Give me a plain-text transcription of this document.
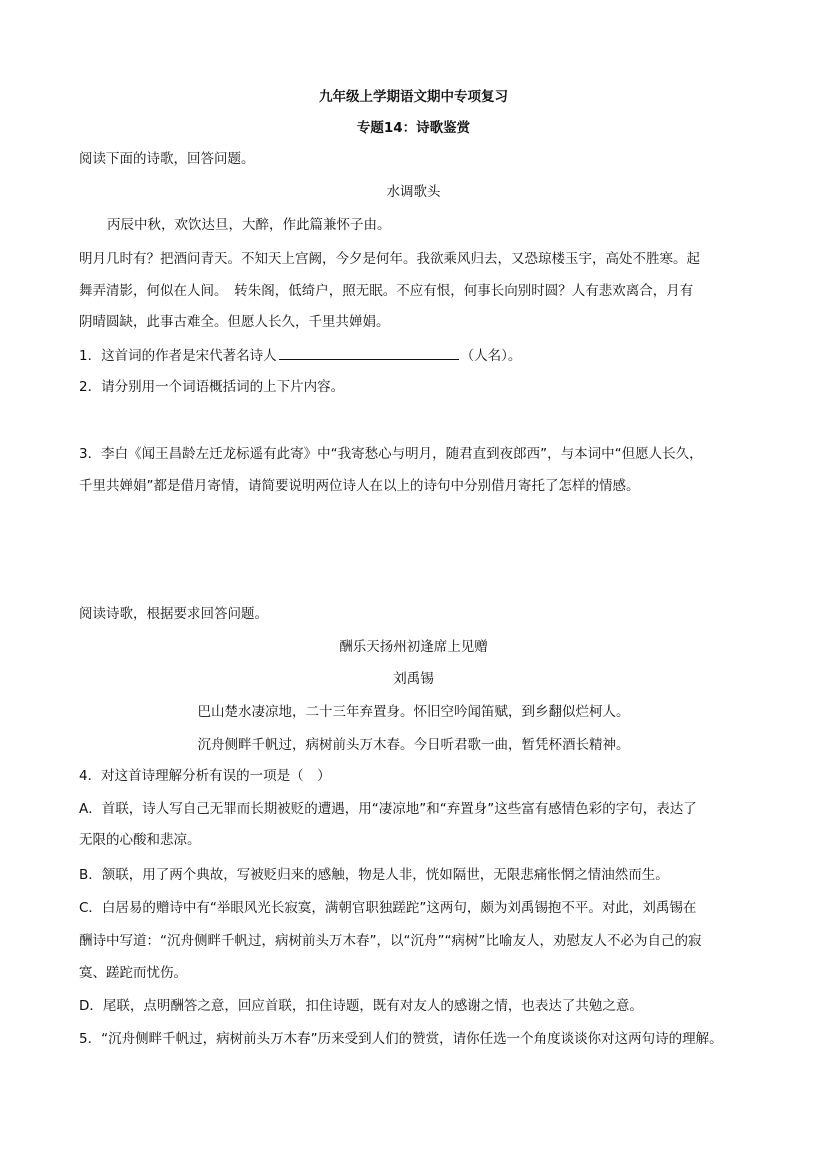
九年级上学期语文期中专项复习
专题14：诗歌鉴赏
阅读下面的诗歌，回答问题。
水调歌头
丙辰中秋，欢饮达旦，大醉，作此篇兼怀子由。
明月几时有？把酒问青天。不知天上宫阙，今夕是何年。我欲乘风归去，又恐琼楼玉宇，高处不胜寒。起
舞弄清影，何似在人间。　转朱阁，低绮户，照无眠。不应有恨，何事长向别时圆？人有悲欢离合，月有
阴晴圆缺，此事古难全。但愿人长久，千里共婵娟。
1．这首词的作者是宋代著名诗人	（人名）。
2．请分别用一个词语概括词的上下片内容。
3．李白《闻王昌龄左迁龙标遥有此寄》中“我寄愁心与明月，随君直到夜郎西”，与本词中“但愿人长久，
千里共婵娟”都是借月寄情，请简要说明两位诗人在以上的诗句中分别借月寄托了怎样的情感。
阅读诗歌，根据要求回答问题。
酬乐天扬州初逢席上见赠
刘禹锡
巴山楚水凄凉地，二十三年弃置身。怀旧空吟闻笛赋，到乡翻似烂柯人。
沉舟侧畔千帆过，病树前头万木春。今日听君歌一曲，暂凭杯酒长精神。
4．对这首诗理解分析有误的一项是（　）
A．首联，诗人写自己无罪而长期被贬的遭遇，用“凄凉地”和“弃置身”这些富有感情色彩的字句，表达了
无限的心酸和悲凉。
B．颔联，用了两个典故，写被贬归来的感触，物是人非，恍如隔世，无限悲痛怅惘之情油然而生。
C．白居易的赠诗中有“举眼风光长寂寞，满朝官职独蹉跎”这两句，颇为刘禹锡抱不平。对此，刘禹锡在
酬诗中写道：“沉舟侧畔千帆过，病树前头万木春”，以“沉舟”“病树”比喻友人，劝慰友人不必为自己的寂
寞、蹉跎而忧伤。
D．尾联，点明酬答之意，回应首联，扣住诗题，既有对友人的感谢之情，也表达了共勉之意。
5．“沉舟侧畔千帆过，病树前头万木春”历来受到人们的赞赏，请你任选一个角度谈谈你对这两句诗的理解。
